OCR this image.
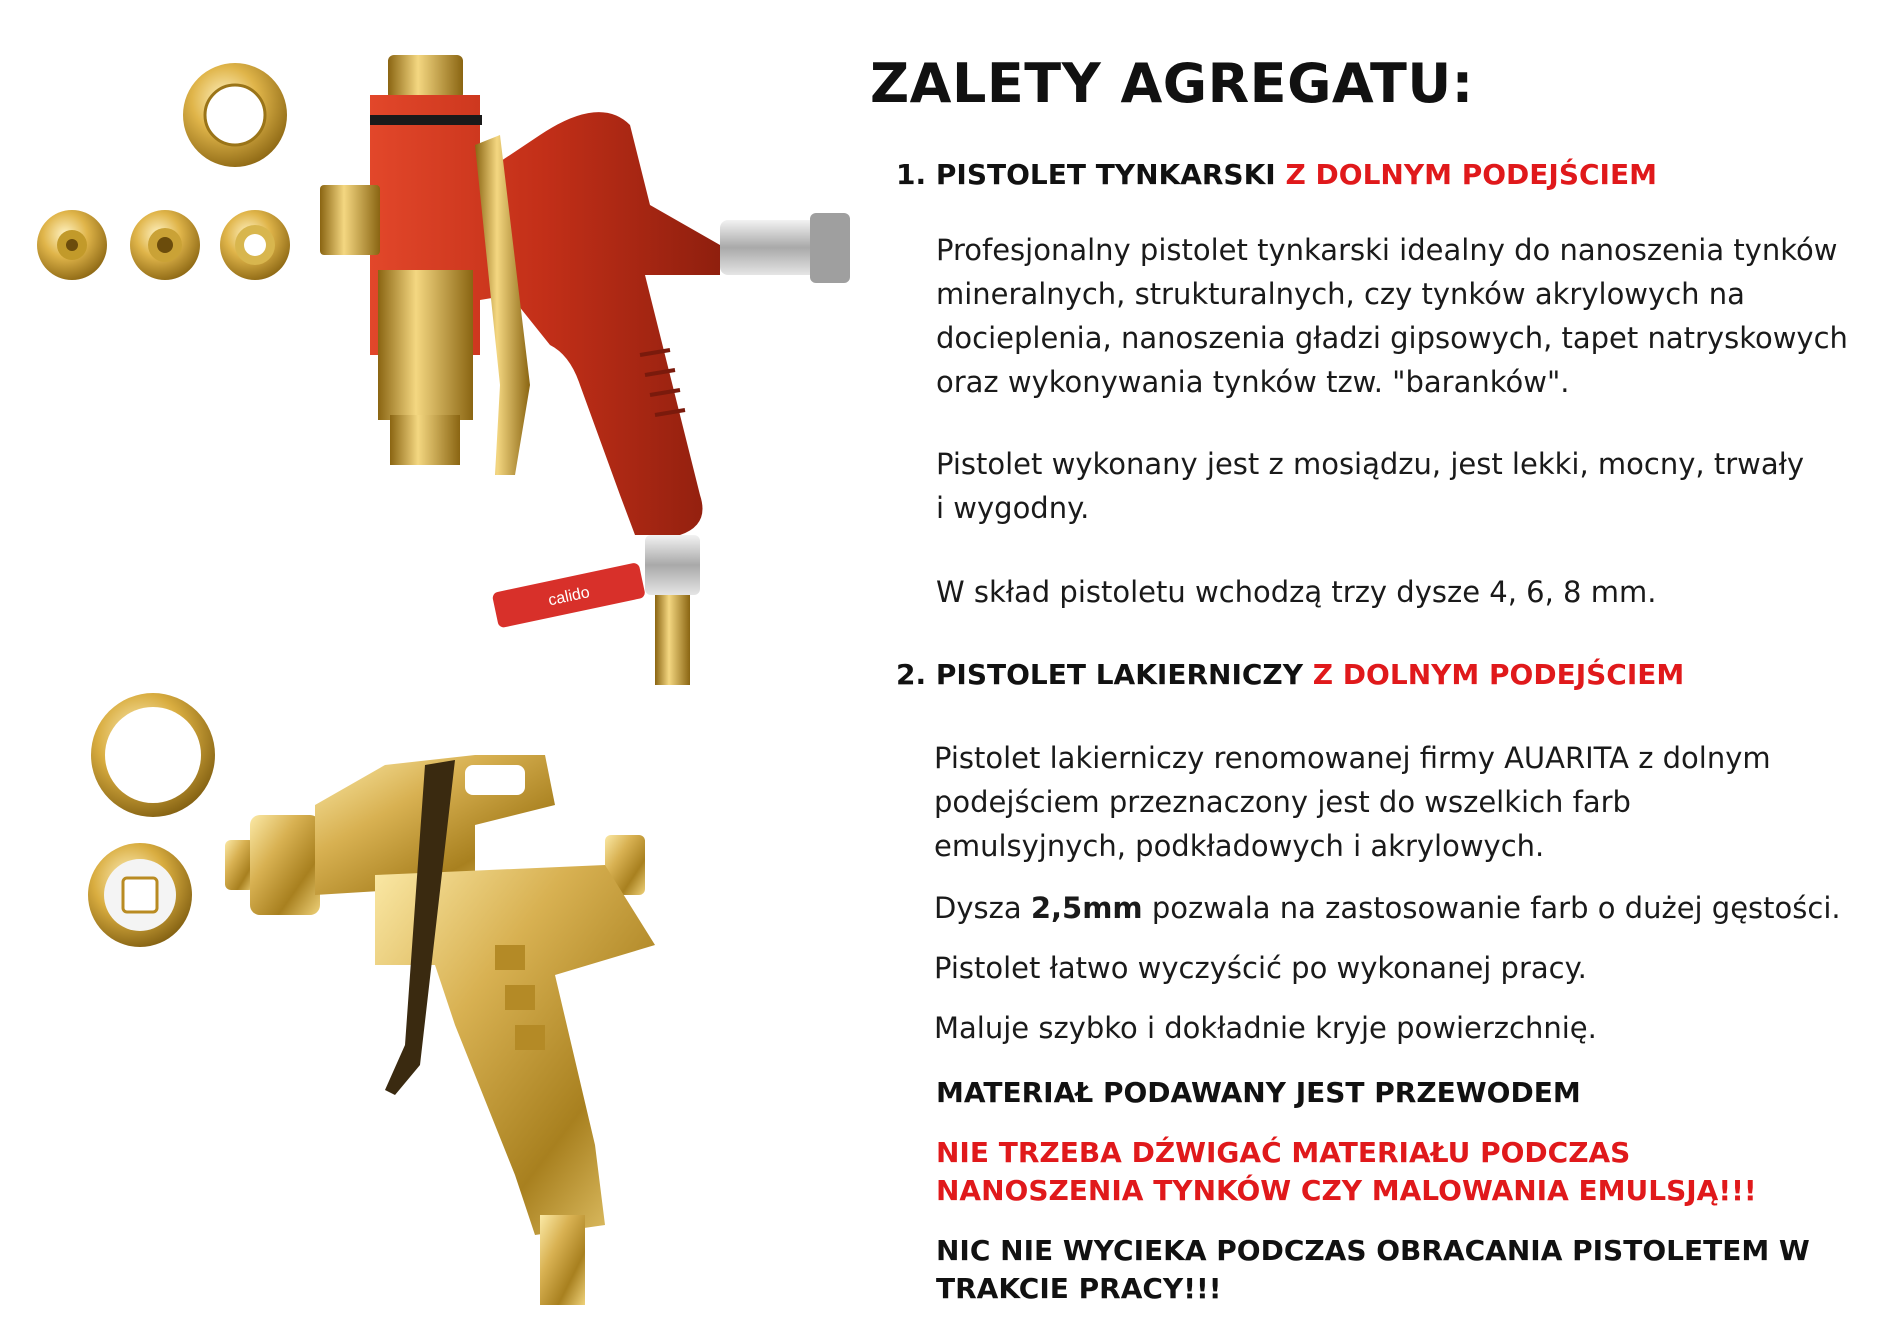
calido
ZALETY AGREGATU:
1. PISTOLET TYNKARSKI Z DOLNYM PODEJŚCIEM
Profesjonalny pistolet tynkarski idealny do nanoszenia tynków mineralnych, strukturalnych, czy tynków akrylowych na docieplenia, nanoszenia gładzi gipsowych, tapet natryskowych oraz wykonywania tynków tzw. "baranków".
Pistolet wykonany jest z mosiądzu, jest lekki, mocny, trwały i wygodny.
W skład pistoletu wchodzą trzy dysze 4, 6, 8 mm.
2. PISTOLET LAKIERNICZY Z DOLNYM PODEJŚCIEM
Pistolet lakierniczy renomowanej firmy AUARITA z dolnym podejściem przeznaczony jest do wszelkich farb emulsyjnych, podkładowych i akrylowych.
Dysza 2,5mm pozwala na zastosowanie farb o dużej gęstości.
Pistolet łatwo wyczyścić po wykonanej pracy.
Maluje szybko i dokładnie kryje powierzchnię.
MATERIAŁ PODAWANY JEST PRZEWODEM
NIE TRZEBA DŹWIGAĆ MATERIAŁU PODCZAS NANOSZENIA TYNKÓW CZY MALOWANIA EMULSJĄ!!!
NIC NIE WYCIEKA PODCZAS OBRACANIA PISTOLETEM W TRAKCIE PRACY!!!
